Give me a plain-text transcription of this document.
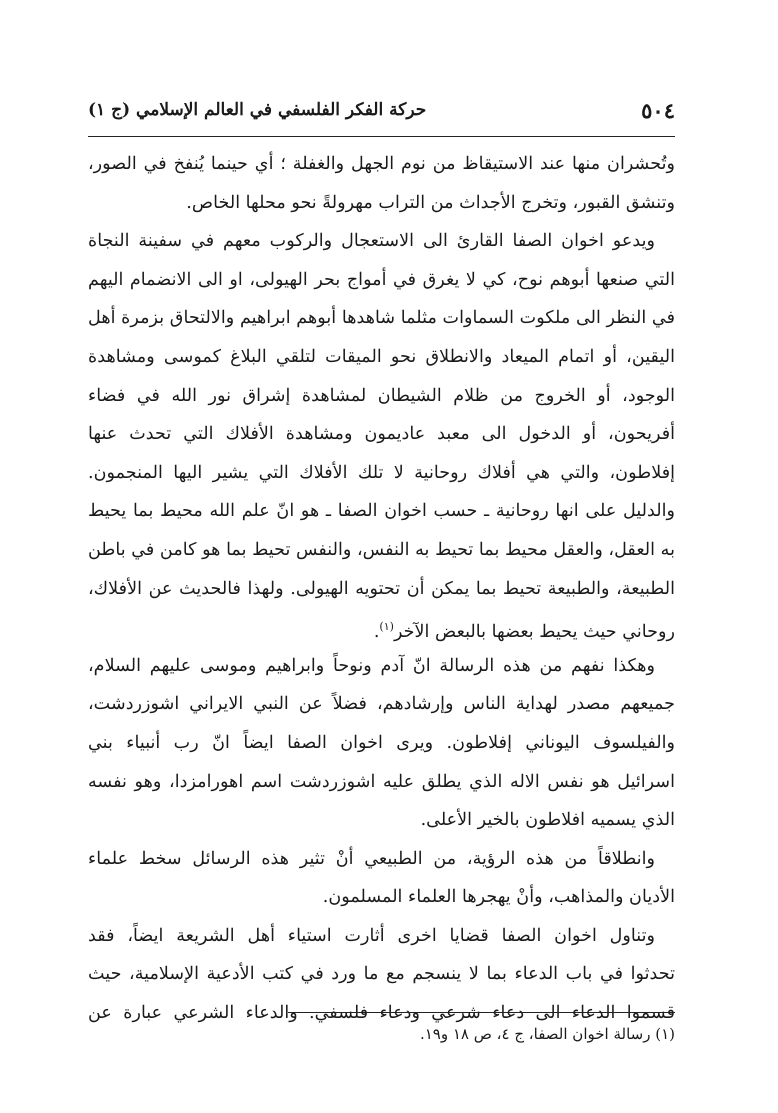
٥٠٤
حركة الفكر الفلسفي في العالم الإسلامي (ج ١)
وتُحشران منها عند الاستيقاظ من نوم الجهل والغفلة ؛ أي حينما يُنفخ في الصور،
وتنشق القبور، وتخرج الأجداث من التراب مهرولةً نحو محلها الخاص.
ويدعو اخوان الصفا القارئ الى الاستعجال والركوب معهم في سفينة النجاة
التي صنعها أبوهم نوح، كي لا يغرق في أمواج بحر الهيولى، او الى الانضمام اليهم
في النظر الى ملكوت السماوات مثلما شاهدها أبوهم ابراهيم والالتحاق بزمرة أهل
اليقين، أو اتمام الميعاد والانطلاق نحو الميقات لتلقي البلاغ كموسى ومشاهدة
الوجود، أو الخروج من ظلام الشيطان لمشاهدة إشراق نور الله في فضاء
أفريحون، أو الدخول الى معبد عاديمون ومشاهدة الأفلاك التي تحدث عنها
إفلاطون، والتي هي أفلاك روحانية لا تلك الأفلاك التي يشير اليها المنجمون.
والدليل على انها روحانية ـ حسب اخوان الصفا ـ هو انّ علم الله محيط بما يحيط
به العقل، والعقل محيط بما تحيط به النفس، والنفس تحيط بما هو كامن في باطن
الطبيعة، والطبيعة تحيط بما يمكن أن تحتويه الهيولى. ولهذا فالحديث عن الأفلاك،
روحاني حيث يحيط بعضها بالبعض الآخر$^{(١)}$.
وهكذا نفهم من هذه الرسالة انّ آدم ونوحاً وابراهيم وموسى عليهم السلام،
جميعهم مصدر لهداية الناس وإرشادهم، فضلاً عن النبي الايراني اشوزردشت،
والفيلسوف اليوناني إفلاطون. ويرى اخوان الصفا ايضاً انّ رب أنبياء بني
اسرائيل هو نفس الاله الذي يطلق عليه اشوزردشت اسم اهورامزدا، وهو نفسه
الذي يسميه افلاطون بالخير الأعلى.
وانطلاقاً من هذه الرؤية، من الطبيعي أنْ تثير هذه الرسائل سخط علماء
الأديان والمذاهب، وأنْ يهجرها العلماء المسلمون.
وتناول اخوان الصفا قضايا اخرى أثارت استياء أهل الشريعة ايضاً، فقد
تحدثوا في باب الدعاء بما لا ينسجم مع ما ورد في كتب الأدعية الإسلامية، حيث
قسموا الدعاء الى دعاء شرعي ودعاء فلسفي. والدعاء الشرعي عبارة عن
(١) رسالة اخوان الصفا، ج ٤، ص ١٨ و١٩.
